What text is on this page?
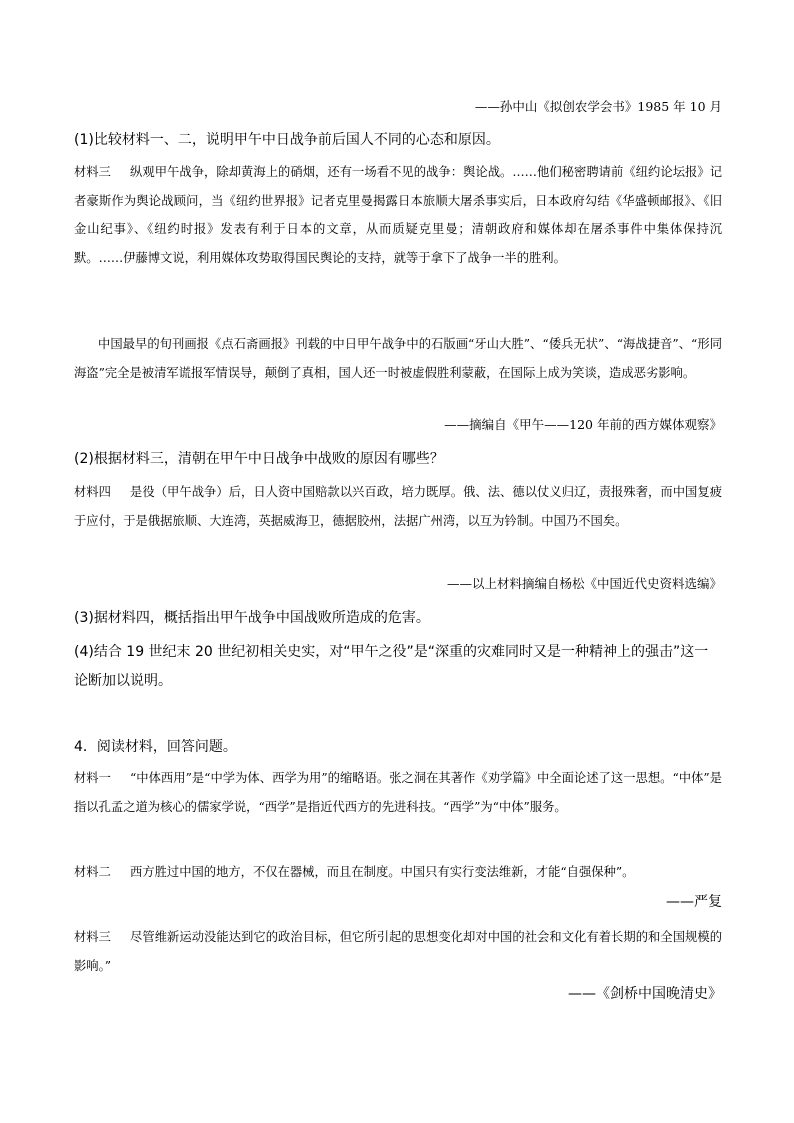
——孙中山《拟创农学会书》1985 年 10 月
(1)比较材料一、二，说明甲午中日战争前后国人不同的心态和原因。
材料三 纵观甲午战争，除却黄海上的硝烟，还有一场看不见的战争：舆论战。……他们秘密聘请前《纽约论坛报》记者豪斯作为舆论战顾问，当《纽约世界报》记者克里曼揭露日本旅顺大屠杀事实后，日本政府勾结《华盛顿邮报》、《旧金山纪事》、《纽约时报》发表有利于日本的文章，从而质疑克里曼；清朝政府和媒体却在屠杀事件中集体保持沉默。……伊藤博文说，利用媒体攻势取得国民舆论的支持，就等于拿下了战争一半的胜利。
中国最早的旬刊画报《点石斋画报》刊载的中日甲午战争中的石版画“牙山大胜”、“倭兵无状”、“海战捷音”、“形同海盗”完全是被清军谎报军情误导，颠倒了真相，国人还一时被虚假胜利蒙蔽，在国际上成为笑谈，造成恶劣影响。
——摘编自《甲午——120 年前的西方媒体观察》
(2)根据材料三，清朝在甲午中日战争中战败的原因有哪些？
材料四 是役（甲午战争）后，日人资中国赔款以兴百政，培力既厚。俄、法、德以仗义归辽，责报殊奢，而中国复疲于应付，于是俄据旅顺、大连湾，英据威海卫，德据胶州，法据广州湾，以互为钤制。中国乃不国矣。
——以上材料摘编自杨松《中国近代史资料选编》
(3)据材料四，概括指出甲午战争中国战败所造成的危害。
(4)结合 19 世纪末 20 世纪初相关史实，对“甲午之役”是“深重的灾难同时又是一种精神上的强击”这一论断加以说明。
4．阅读材料，回答问题。
材料一 “中体西用”是“中学为体、西学为用”的缩略语。张之洞在其著作《劝学篇》中全面论述了这一思想。“中体”是指以孔孟之道为核心的儒家学说，“西学”是指近代西方的先进科技。“西学”为“中体”服务。
材料二 西方胜过中国的地方，不仅在器械，而且在制度。中国只有实行变法维新，才能“自强保种”。
——严复
材料三 尽管维新运动没能达到它的政治目标，但它所引起的思想变化却对中国的社会和文化有着长期的和全国规模的影响。”
——《剑桥中国晚清史》
